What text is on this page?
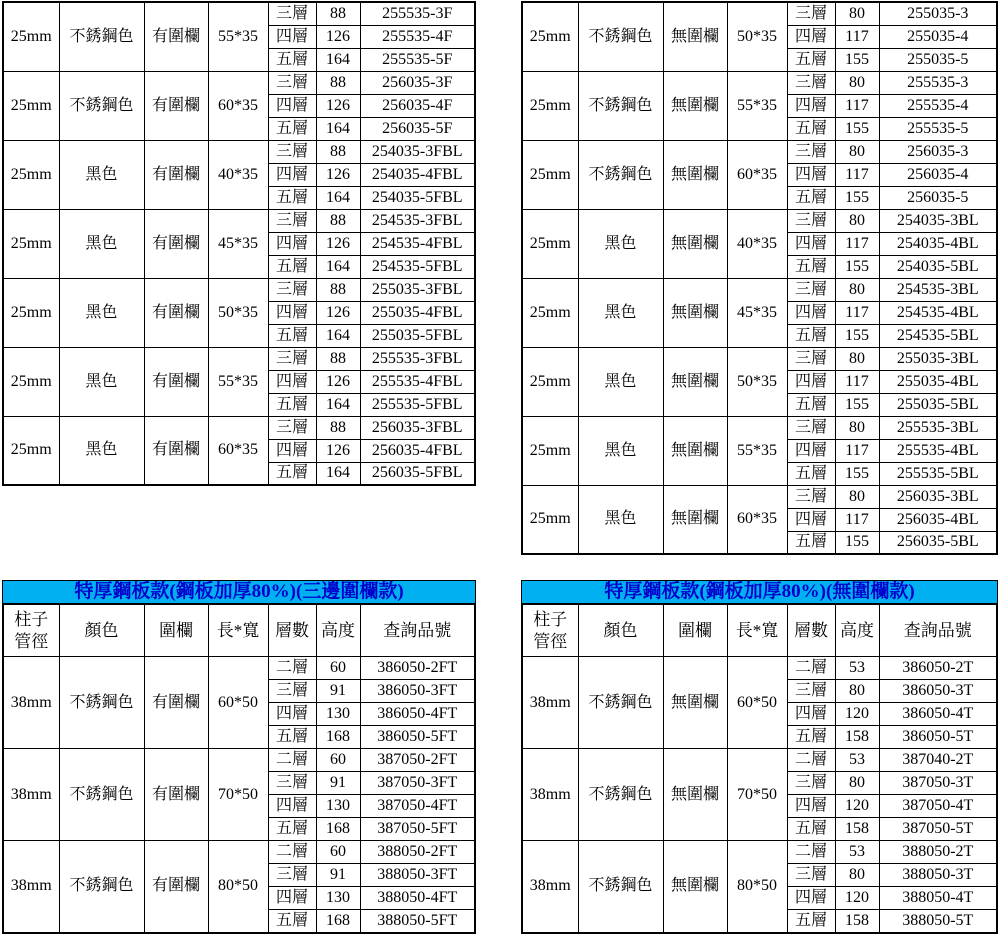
25mm	不銹鋼色	有圍欄	55*35	三層	88	255535-3F
				四層	126	255535-4F
				五層	164	255535-5F
25mm	不銹鋼色	有圍欄	60*35	三層	88	256035-3F
				四層	126	256035-4F
				五層	164	256035-5F
25mm	黑色	有圍欄	40*35	三層	88	254035-3FBL
				四層	126	254035-4FBL
				五層	164	254035-5FBL
25mm	黑色	有圍欄	45*35	三層	88	254535-3FBL
				四層	126	254535-4FBL
				五層	164	254535-5FBL
25mm	黑色	有圍欄	50*35	三層	88	255035-3FBL
				四層	126	255035-4FBL
				五層	164	255035-5FBL
25mm	黑色	有圍欄	55*35	三層	88	255535-3FBL
				四層	126	255535-4FBL
				五層	164	255535-5FBL
25mm	黑色	有圍欄	60*35	三層	88	256035-3FBL
				四層	126	256035-4FBL
				五層	164	256035-5FBL
25mm	不銹鋼色	無圍欄	50*35	三層	80	255035-3
				四層	117	255035-4
				五層	155	255035-5
25mm	不銹鋼色	無圍欄	55*35	三層	80	255535-3
				四層	117	255535-4
				五層	155	255535-5
25mm	不銹鋼色	無圍欄	60*35	三層	80	256035-3
				四層	117	256035-4
				五層	155	256035-5
25mm	黑色	無圍欄	40*35	三層	80	254035-3BL
				四層	117	254035-4BL
				五層	155	254035-5BL
25mm	黑色	無圍欄	45*35	三層	80	254535-3BL
				四層	117	254535-4BL
				五層	155	254535-5BL
25mm	黑色	無圍欄	50*35	三層	80	255035-3BL
				四層	117	255035-4BL
				五層	155	255035-5BL
25mm	黑色	無圍欄	55*35	三層	80	255535-3BL
				四層	117	255535-4BL
				五層	155	255535-5BL
25mm	黑色	無圍欄	60*35	三層	80	256035-3BL
				四層	117	256035-4BL
				五層	155	256035-5BL
特厚鋼板款(鋼板加厚80%)(三邊圍欄款)
柱子
管徑	顏色	圍欄	長*寬	層數	高度	查詢品號
38mm	不銹鋼色	有圍欄	60*50	二層	60	386050-2FT
				三層	91	386050-3FT
				四層	130	386050-4FT
				五層	168	386050-5FT
38mm	不銹鋼色	有圍欄	70*50	二層	60	387050-2FT
				三層	91	387050-3FT
				四層	130	387050-4FT
				五層	168	387050-5FT
38mm	不銹鋼色	有圍欄	80*50	二層	60	388050-2FT
				三層	91	388050-3FT
				四層	130	388050-4FT
				五層	168	388050-5FT
特厚鋼板款(鋼板加厚80%)(無圍欄款)
柱子
管徑	顏色	圍欄	長*寬	層數	高度	查詢品號
38mm	不銹鋼色	無圍欄	60*50	二層	53	386050-2T
				三層	80	386050-3T
				四層	120	386050-4T
				五層	158	386050-5T
38mm	不銹鋼色	無圍欄	70*50	二層	53	387040-2T
				三層	80	387050-3T
				四層	120	387050-4T
				五層	158	387050-5T
38mm	不銹鋼色	無圍欄	80*50	二層	53	388050-2T
				三層	80	388050-3T
				四層	120	388050-4T
				五層	158	388050-5T
